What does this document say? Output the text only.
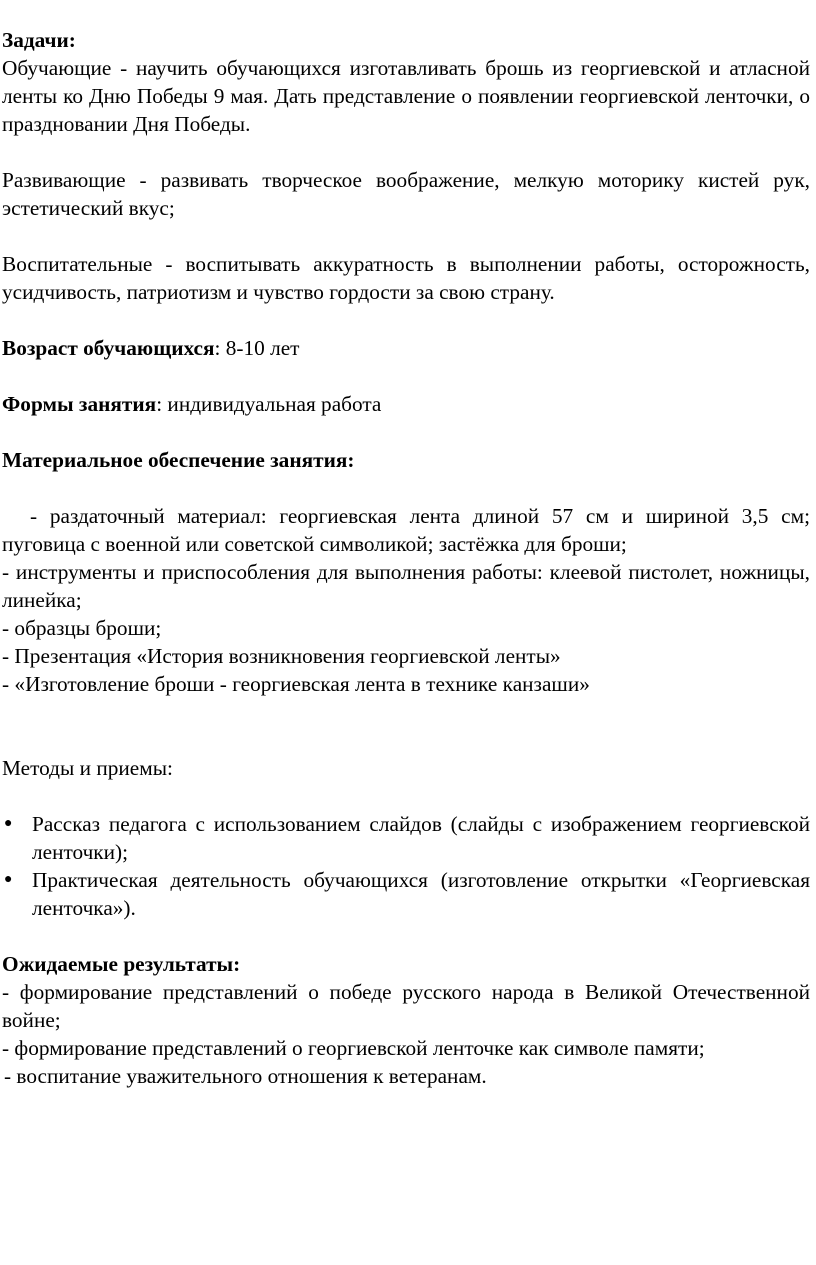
Задачи:

Обучающие - научить обучающихся изготавливать брошь из георгиевской и атласной ленты ко Дню Победы 9 мая. Дать представление о появлении георгиевской ленточки, о праздновании Дня Победы.

Развивающие - развивать творческое воображение, мелкую моторику кистей рук, эстетический вкус;

Воспитательные - воспитывать аккуратность в выполнении работы, осторожность, усидчивость, патриотизм и чувство гордости за свою страну.

Возраст обучающихся: 8-10 лет

Формы занятия: индивидуальная работа

Материальное обеспечение занятия:

- раздаточный материал: георгиевская лента длиной 57 см и шириной 3,5 см; пуговица с военной или советской символикой; застёжка для броши;

- инструменты и приспособления для выполнения работы: клеевой пистолет, ножницы, линейка;

- образцы броши;

- Презентация «История возникновения георгиевской ленты»

- «Изготовление броши - георгиевская лента в технике канзаши»

Методы и приемы:

● Рассказ педагога с использованием слайдов (слайды с изображением георгиевской ленточки);
● Практическая деятельность обучающихся (изготовление открытки «Георгиевская ленточка»).

Ожидаемые результаты:

- формирование представлений о победе русского народа в Великой Отечественной войне;

- формирование представлений о георгиевской ленточке как символе памяти;

- воспитание уважительного отношения к ветеранам.
